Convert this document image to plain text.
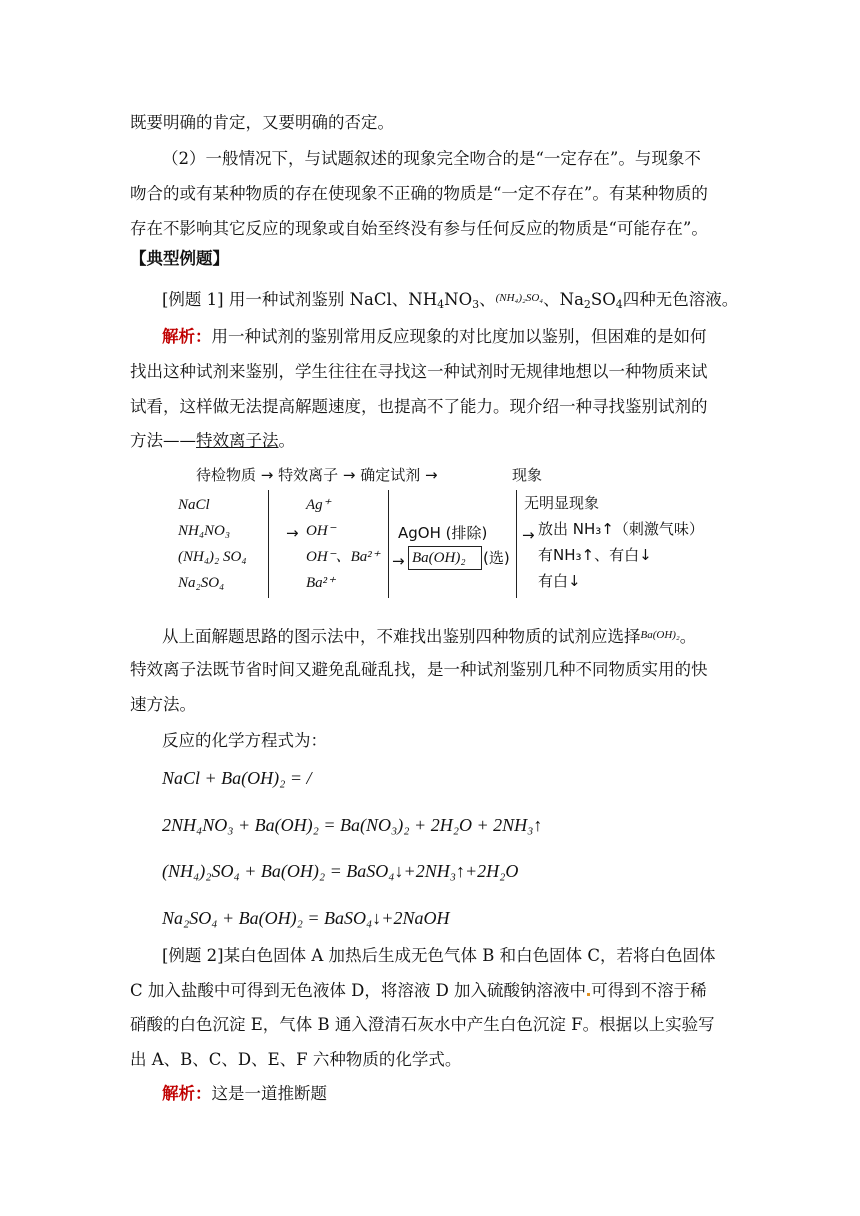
既要明确的肯定，又要明确的否定。
（2）一般情况下，与试题叙述的现象完全吻合的是“一定存在”。与现象不
吻合的或有某种物质的存在使现象不正确的物质是“一定不存在”。有某种物质的
存在不影响其它反应的现象或自始至终没有参与任何反应的物质是“可能存在”。
【典型例题】
[例题 1] 用一种试剂鉴别 NaCl、$NH_4NO_3$、$^{(NH_4)_2SO_4}$、$Na_2SO_4$四种无色溶液。
解析：用一种试剂的鉴别常用反应现象的对比度加以鉴别，但困难的是如何
找出这种试剂来鉴别，学生往往在寻找这一种试剂时无规律地想以一种物质来试
试看，这样做无法提高解题速度，也提高不了能力。现介绍一种寻找鉴别试剂的
方法——特效离子法。
待检物质 → 特效离子 → 确定试剂 →	现象
NaCl
NH₄NO₃
(NH₄)₂ SO₄
Na₂SO₄
Ag⁺
→ OH⁻
OH⁻、Ba²⁺
Ba²⁺
AgOH (排除)
→ Ba(OH)₂ (选)
无明显现象
→ 放出 NH₃↑（刺激气味）
有NH₃↑、有白↓
有白↓
从上面解题思路的图示法中，不难找出鉴别四种物质的试剂应选择$^{Ba(OH)_2}$。
特效离子法既节省时间又避免乱碰乱找，是一种试剂鉴别几种不同物质实用的快
速方法。
反应的化学方程式为：
NaCl + Ba(OH)₂ = /
2NH₄NO₃ + Ba(OH)₂ = Ba(NO₃)₂ + 2H₂O + 2NH₃↑
(NH₄)₂SO₄ + Ba(OH)₂ = BaSO₄↓+2NH₃↑+2H₂O
Na₂SO₄ + Ba(OH)₂ = BaSO₄↓+2NaOH
[例题 2]某白色固体 A 加热后生成无色气体 B 和白色固体 C，若将白色固体
C 加入盐酸中可得到无色液体 D，将溶液 D 加入硫酸钠溶液中 可得到不溶于稀
硝酸的白色沉淀 E，气体 B 通入澄清石灰水中产生白色沉淀 F。根据以上实验写
出 A、B、C、D、E、F 六种物质的化学式。
解析：这是一道推断题
